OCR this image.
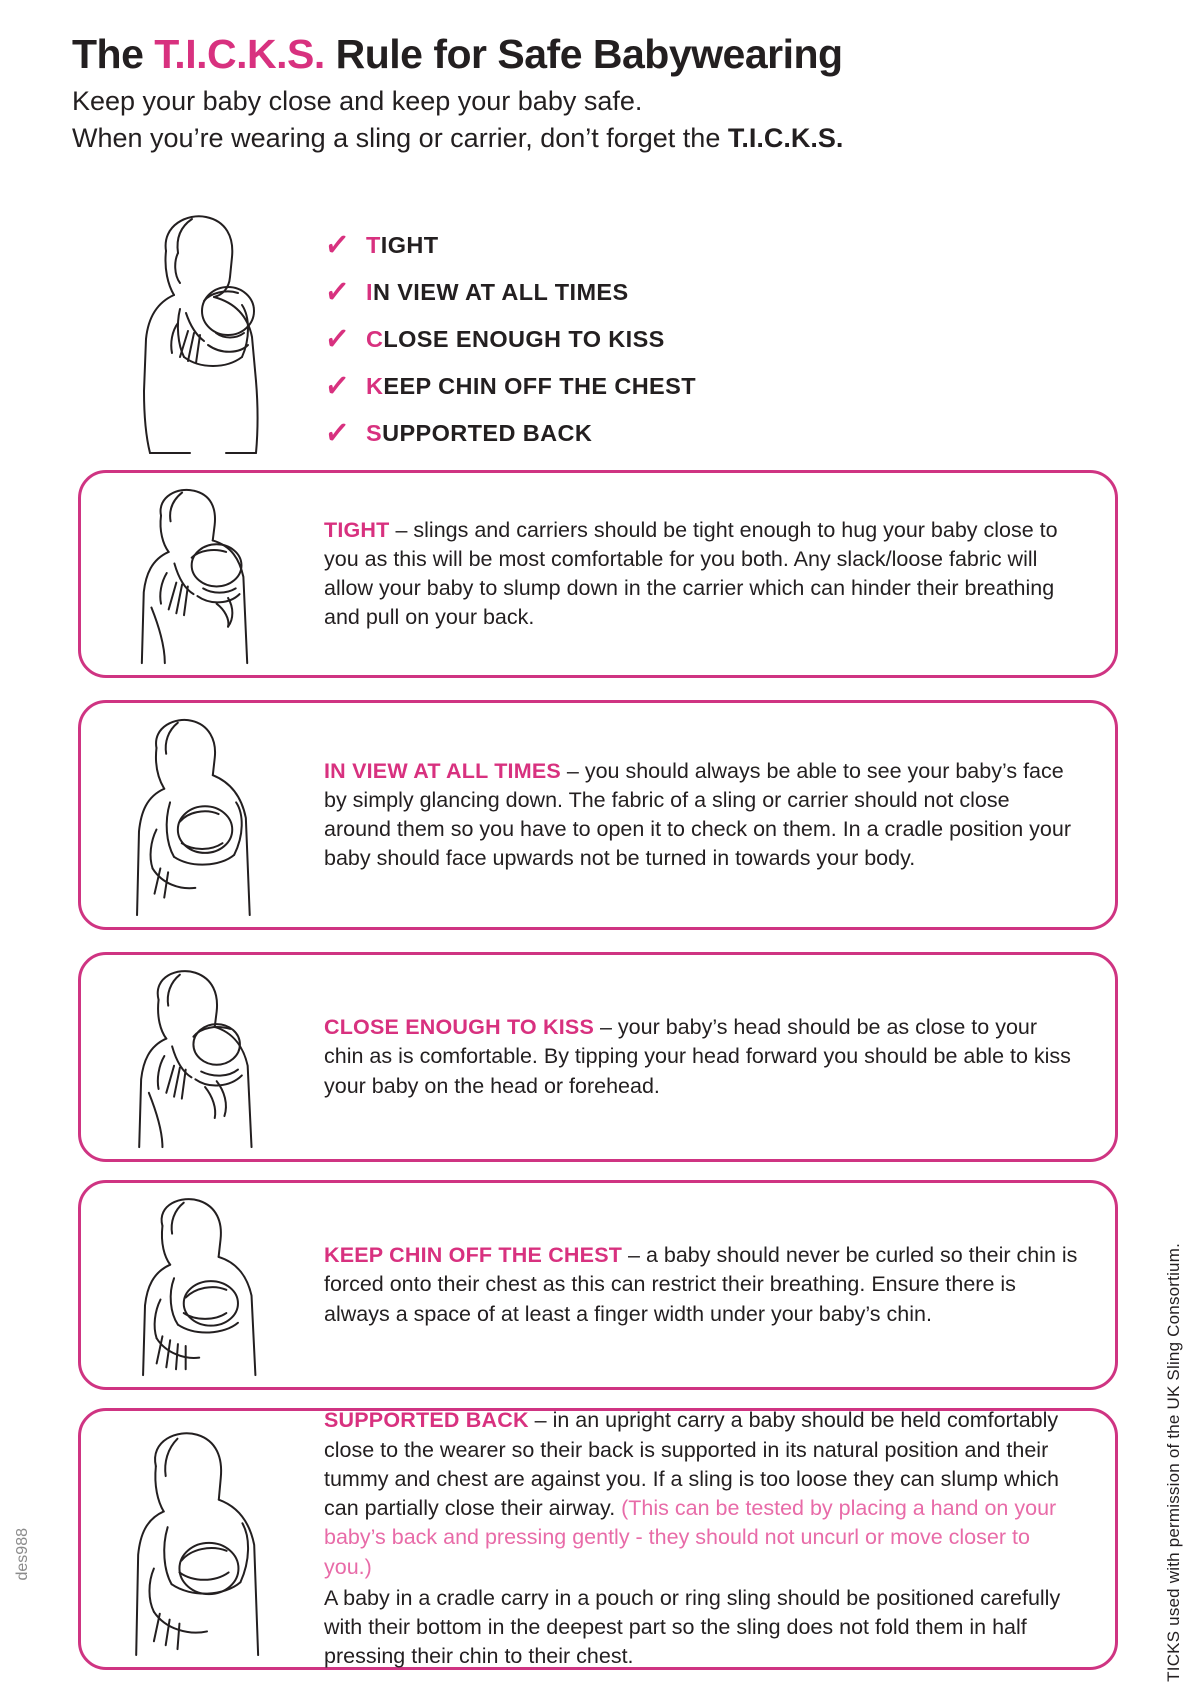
The T.I.C.K.S. Rule for Safe Babywearing

Keep your baby close and keep your baby safe.

When you’re wearing a sling or carrier, don’t forget the T.I.C.K.S.

✓ TIGHT
✓ IN VIEW AT ALL TIMES
✓ CLOSE ENOUGH TO KISS
✓ KEEP CHIN OFF THE CHEST
✓ SUPPORTED BACK
TIGHT – slings and carriers should be tight enough to hug your baby close to you as this will be most comfortable for you both. Any slack/loose fabric will allow your baby to slump down in the carrier which can hinder their breathing and pull on your back.
IN VIEW AT ALL TIMES – you should always be able to see your baby’s face by simply glancing down. The fabric of a sling or carrier should not close around them so you have to open it to check on them. In a cradle position your baby should face upwards not be turned in towards your body.
CLOSE ENOUGH TO KISS – your baby’s head should be as close to your chin as is comfortable. By tipping your head forward you should be able to kiss your baby on the head or forehead.
KEEP CHIN OFF THE CHEST – a baby should never be curled so their chin is forced onto their chest as this can restrict their breathing. Ensure there is always a space of at least a finger width under your baby’s chin.

SUPPORTED BACK – in an upright carry a baby should be held comfortably close to the wearer so their back is supported in its natural position and their tummy and chest are against you. If a sling is too loose they can slump which can partially close their airway. (This can be tested by placing a hand on your baby’s back and pressing gently - they should not uncurl or move closer to you.)

A baby in a cradle carry in a pouch or ring sling should be positioned carefully with their bottom in the deepest part so the sling does not fold them in half pressing their chin to their chest.	TICKS used with permission of the UK Sling Consortium.
des988
